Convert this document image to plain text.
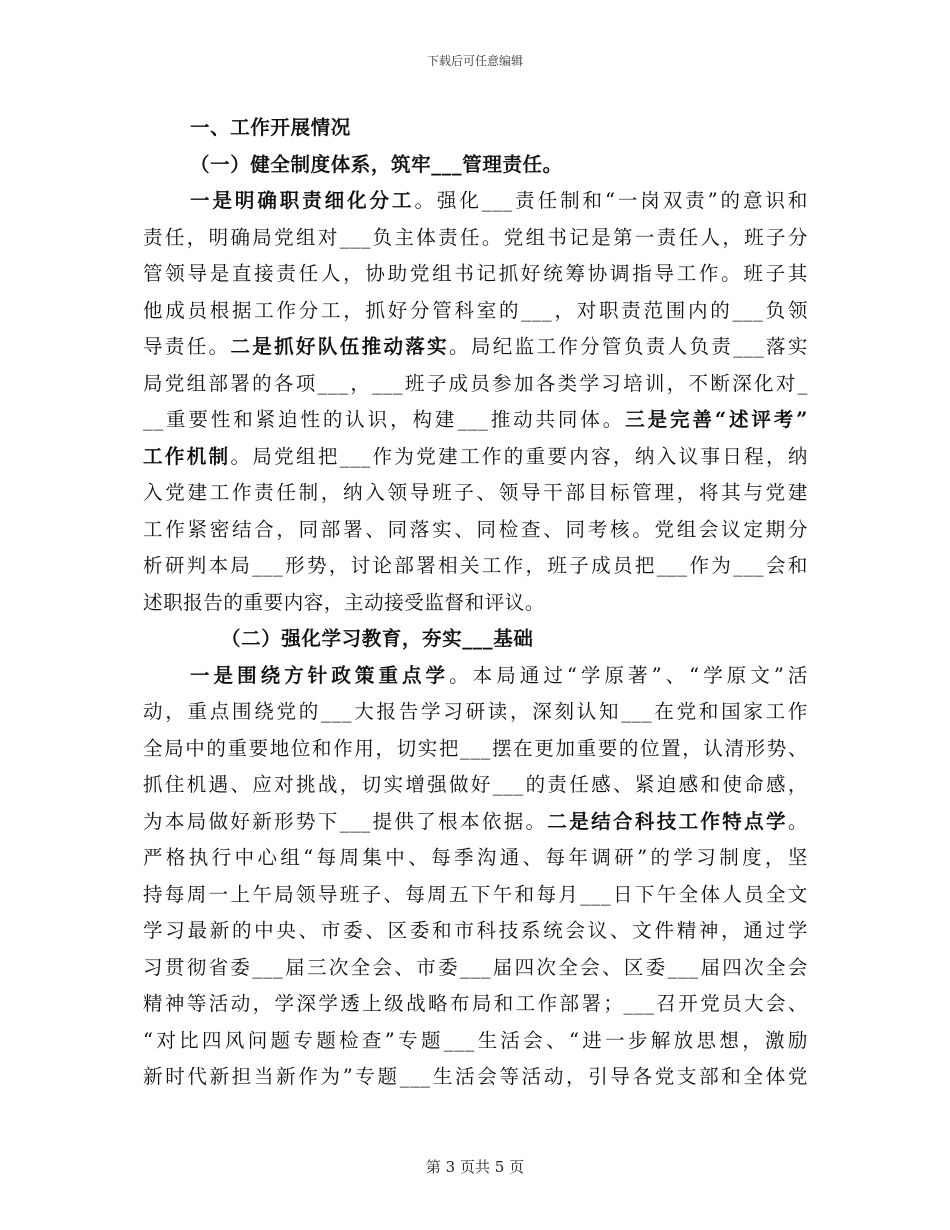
下载后可任意编辑
一、工作开展情况
（一）健全制度体系，筑牢___管理责任。
一是明确职责细化分工。强化___责任制和“一岗双责”的意识和
责任，明确局党组对___负主体责任。党组书记是第一责任人，班子分
管领导是直接责任人，协助党组书记抓好统筹协调指导工作。班子其
他成员根据工作分工，抓好分管科室的___，对职责范围内的___负领
导责任。二是抓好队伍推动落实。局纪监工作分管负责人负责___落实
局党组部署的各项___，___班子成员参加各类学习培训，不断深化对_
__重要性和紧迫性的认识，构建___推动共同体。三是完善“述评考”
工作机制。局党组把___作为党建工作的重要内容，纳入议事日程，纳
入党建工作责任制，纳入领导班子、领导干部目标管理，将其与党建
工作紧密结合，同部署、同落实、同检查、同考核。党组会议定期分
析研判本局___形势，讨论部署相关工作，班子成员把___作为___会和
述职报告的重要内容，主动接受监督和评议。
（二）强化学习教育，夯实___基础
一是围绕方针政策重点学。本局通过“学原著”、“学原文”活
动，重点围绕党的___大报告学习研读，深刻认知___在党和国家工作
全局中的重要地位和作用，切实把___摆在更加重要的位置，认清形势、
抓住机遇、应对挑战，切实增强做好___的责任感、紧迫感和使命感，
为本局做好新形势下___提供了根本依据。二是结合科技工作特点学。
严格执行中心组“每周集中、每季沟通、每年调研”的学习制度，坚
持每周一上午局领导班子、每周五下午和每月___日下午全体人员全文
学习最新的中央、市委、区委和市科技系统会议、文件精神，通过学
习贯彻省委___届三次全会、市委___届四次全会、区委___届四次全会
精神等活动，学深学透上级战略布局和工作部署；___召开党员大会、
“对比四风问题专题检查”专题___生活会、“进一步解放思想，激励
新时代新担当新作为”专题___生活会等活动，引导各党支部和全体党
第 3 页共 5 页
